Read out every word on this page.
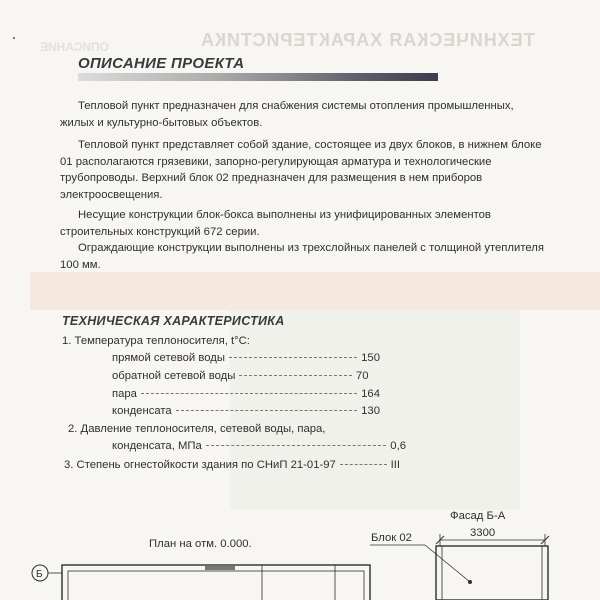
ТЕХНИЧЕСКАЯ ХАРАКТЕРИСТИКА
ОПИСАНИЕ
ОПИСАНИЕ ПРОЕКТА

Тепловой пункт предназначен для снабжения системы отопления промышленных, жилых и культурно-бытовых объектов.

Тепловой пункт представляет собой здание, состоящее из двух блоков, в нижнем блоке 01 располагаются грязевики, запорно-регулирующая арматура и технологические трубопроводы. Верхний блок 02 предназначен для размещения в нем приборов электроосвещения.

Несущие конструкции блок-бокса выполнены из унифицированных элементов строительных конструкций 672 серии.

Ограждающие конструкции выполнены из трехслойных панелей с толщиной утеплителя 100 мм.

ТЕХНИЧЕСКАЯ ХАРАКТЕРИСТИКА
1. Температура теплоносителя, t°C:
прямой сетевой воды	150
обратной сетевой воды	70
пара	164
конденсата	130
2. Давление теплоносителя, сетевой воды, пара,
конденсата, МПа	0,6
3. Степень огнестойкости здания по СНиП 21-01-97	III
План на отм. 0.000.
Б
Фасад Б-А
3300
Блок 02
